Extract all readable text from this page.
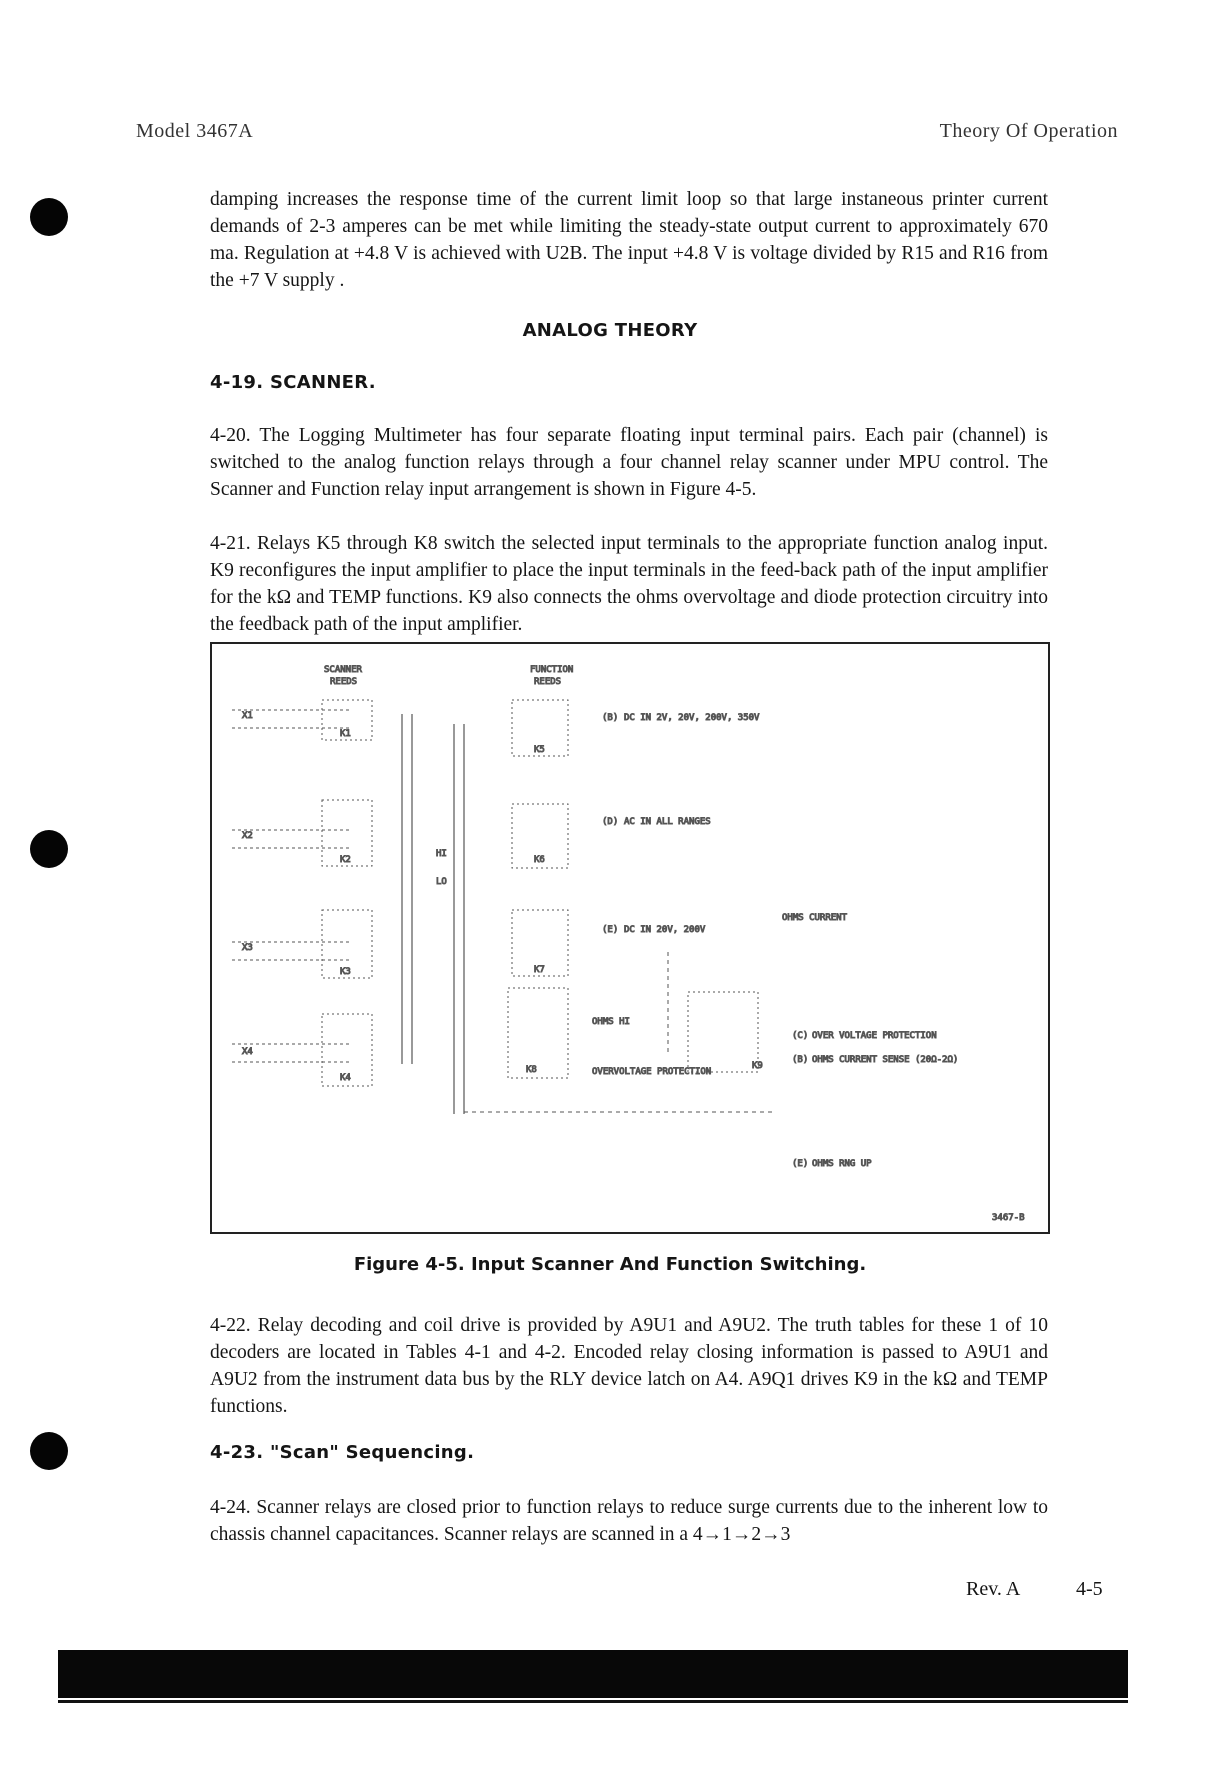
Model 3467A	Theory Of Operation

damping increases the response time of the current limit loop so that large instaneous printer current demands of 2-3 amperes can be met while limiting the steady-state output current to approximately 670 ma. Regulation at +4.8 V is achieved with U2B. The input +4.8 V is voltage divided by R15 and R16 from the +7 V supply .

ANALOG THEORY
4-19. SCANNER.

4-20. The Logging Multimeter has four separate floating input terminal pairs. Each pair (channel) is switched to the analog function relays through a four channel relay scanner under MPU control. The Scanner and Function relay input arrangement is shown in Figure 4-5.

4-21. Relays K5 through K8 switch the selected input terminals to the appropriate function analog input. K9 reconfigures the input amplifier to place the input terminals in the feed-back path of the input amplifier for the kΩ and TEMP functions. K9 also connects the ohms overvoltage and diode protection circuitry into the feedback path of the input amplifier.

SCANNER
REEDS
FUNCTION
REEDS
X1
K1
X2
K2
X3
K3
X4
K4
HI
LO
K5
K6
K7
K8
(B) DC IN 2V, 20V, 200V, 350V
(D) AC IN ALL RANGES
(E) DC IN 20V, 200V
(C) OVER VOLTAGE PROTECTION
(B) OHMS CURRENT SENSE (20Ω-2Ω)
(E) OHMS RNG UP
OHMS CURRENT
OHMS HI
OVERVOLTAGE PROTECTION
K9
3467-B

Figure 4-5. Input Scanner And Function Switching.

4-22. Relay decoding and coil drive is provided by A9U1 and A9U2. The truth tables for these 1 of 10 decoders are located in Tables 4-1 and 4-2. Encoded relay closing information is passed to A9U1 and A9U2 from the instrument data bus by the RLY device latch on A4. A9Q1 drives K9 in the kΩ and TEMP functions.

4-23. "Scan" Sequencing.

4-24. Scanner relays are closed prior to function relays to reduce surge currents due to the inherent low to chassis channel capacitances. Scanner relays are scanned in a 4→1→2→3

Rev. A	4-5
